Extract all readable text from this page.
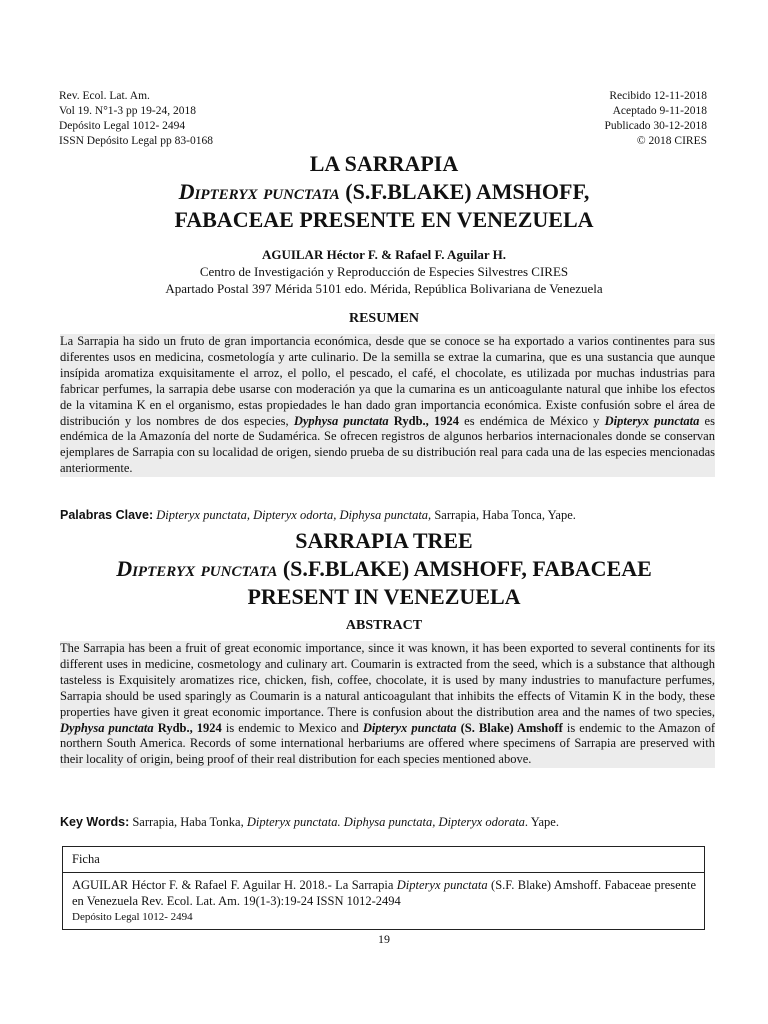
Rev. Ecol. Lat. Am.
Vol 19. N°1-3 pp 19-24, 2018
Depósito Legal 1012- 2494
ISSN Depósito Legal pp 83-0168
Recibido 12-11-2018
Aceptado 9-11-2018
Publicado 30-12-2018
© 2018 CIRES
LA SARRAPIA
Dipteryx punctata (S.F.BLAKE) AMSHOFF,
FABACEAE PRESENTE EN VENEZUELA
AGUILAR Héctor F. & Rafael F. Aguilar H.
Centro de Investigación y Reproducción de Especies Silvestres CIRES
Apartado Postal 397 Mérida 5101 edo. Mérida, República Bolivariana de Venezuela
RESUMEN

La Sarrapia ha sido un fruto de gran importancia económica, desde que se conoce se ha exportado a varios continentes para sus diferentes usos en medicina, cosmetología y arte culinario. De la semilla se extrae la cumarina, que es una sustancia que aunque insípida aromatiza exquisitamente el arroz, el pollo, el pescado, el café, el chocolate, es utilizada por muchas industrias para fabricar perfumes, la sarrapia debe usarse con moderación ya que la cumarina es un anticoagulante natural que inhibe los efectos de la vitamina K en el organismo, estas propiedades le han dado gran importancia económica. Existe confusión sobre el área de distribución y los nombres de dos especies, Dyphysa punctata Rydb., 1924 es endémica de México y Dipteryx punctata es endémica de la Amazonía del norte de Sudamérica. Se ofrecen registros de algunos herbarios internacionales donde se conservan ejemplares de Sarrapia con su localidad de origen, siendo prueba de su distribución real para cada una de las especies mencionadas anteriormente.

Palabras Clave: Dipteryx punctata, Dipteryx odorta, Diphysa punctata, Sarrapia, Haba Tonca, Yape.
SARRAPIA TREE
Dipteryx punctata (S.F.BLAKE) AMSHOFF, FABACEAE
PRESENT IN VENEZUELA
ABSTRACT

The Sarrapia has been a fruit of great economic importance, since it was known, it has been exported to several continents for its different uses in medicine, cosmetology and culinary art. Coumarin is extracted from the seed, which is a substance that although tasteless is Exquisitely aromatizes rice, chicken, fish, coffee, chocolate, it is used by many industries to manufacture perfumes, Sarrapia should be used sparingly as Coumarin is a natural anticoagulant that inhibits the effects of Vitamin K in the body, these properties have given it great economic importance. There is confusion about the distribution area and the names of two species, Dyphysa punctata Rydb., 1924 is endemic to Mexico and Dipteryx punctata (S. Blake) Amshoff is endemic to the Amazon of northern South America. Records of some international herbariums are offered where specimens of Sarrapia are preserved with their locality of origin, being proof of their real distribution for each species mentioned above.

Key Words: Sarrapia, Haba Tonka, Dipteryx punctata. Diphysa punctata, Dipteryx odorata. Yape.
Ficha
AGUILAR Héctor F. & Rafael F. Aguilar H. 2018.- La Sarrapia Dipteryx punctata (S.F. Blake) Amshoff. Fabaceae presente en Venezuela Rev. Ecol. Lat. Am. 19(1-3):19-24 ISSN 1012-2494
Depósito Legal 1012- 2494
19
